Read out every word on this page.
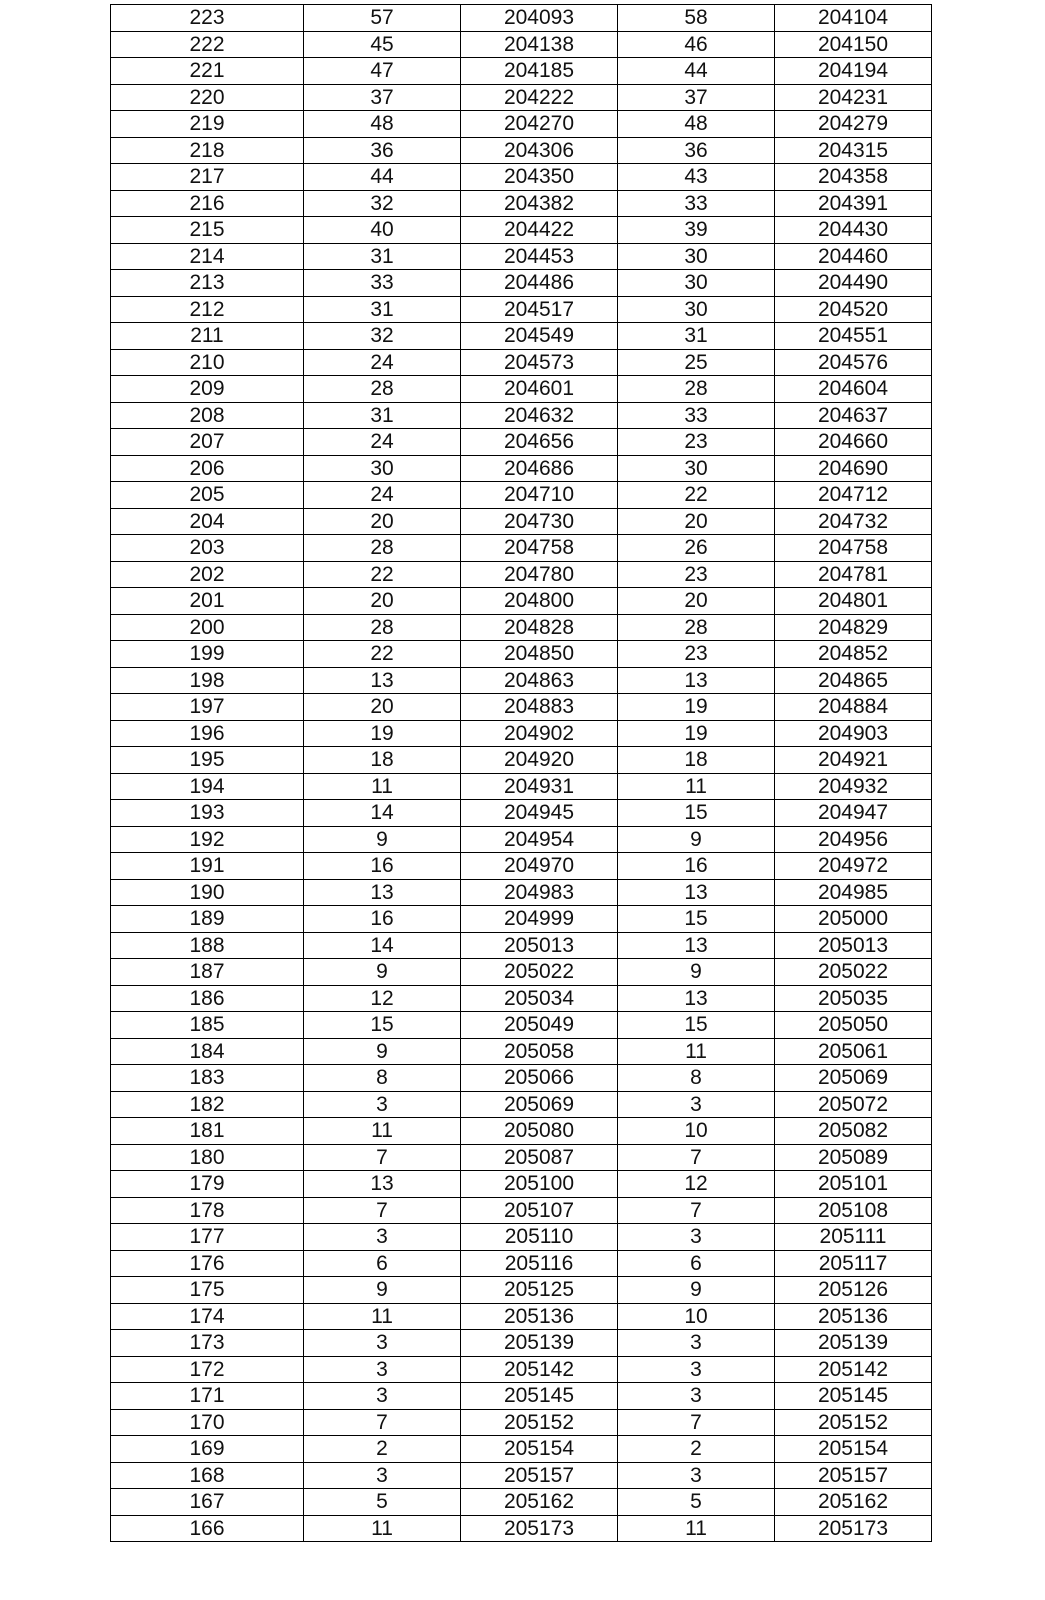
223	57	204093	58	204104
222	45	204138	46	204150
221	47	204185	44	204194
220	37	204222	37	204231
219	48	204270	48	204279
218	36	204306	36	204315
217	44	204350	43	204358
216	32	204382	33	204391
215	40	204422	39	204430
214	31	204453	30	204460
213	33	204486	30	204490
212	31	204517	30	204520
211	32	204549	31	204551
210	24	204573	25	204576
209	28	204601	28	204604
208	31	204632	33	204637
207	24	204656	23	204660
206	30	204686	30	204690
205	24	204710	22	204712
204	20	204730	20	204732
203	28	204758	26	204758
202	22	204780	23	204781
201	20	204800	20	204801
200	28	204828	28	204829
199	22	204850	23	204852
198	13	204863	13	204865
197	20	204883	19	204884
196	19	204902	19	204903
195	18	204920	18	204921
194	11	204931	11	204932
193	14	204945	15	204947
192	9	204954	9	204956
191	16	204970	16	204972
190	13	204983	13	204985
189	16	204999	15	205000
188	14	205013	13	205013
187	9	205022	9	205022
186	12	205034	13	205035
185	15	205049	15	205050
184	9	205058	11	205061
183	8	205066	8	205069
182	3	205069	3	205072
181	11	205080	10	205082
180	7	205087	7	205089
179	13	205100	12	205101
178	7	205107	7	205108
177	3	205110	3	205111
176	6	205116	6	205117
175	9	205125	9	205126
174	11	205136	10	205136
173	3	205139	3	205139
172	3	205142	3	205142
171	3	205145	3	205145
170	7	205152	7	205152
169	2	205154	2	205154
168	3	205157	3	205157
167	5	205162	5	205162
166	11	205173	11	205173
